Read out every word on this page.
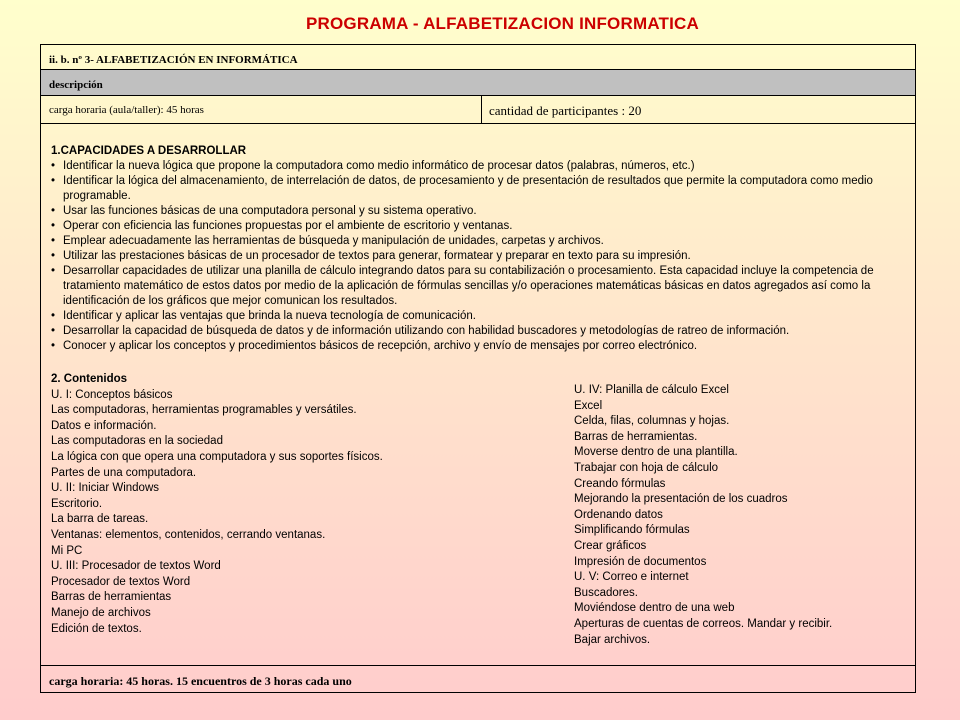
PROGRAMA - ALFABETIZACION INFORMATICA
ii. b. nº 3- ALFABETIZACIÓN EN INFORMÁTICA
descripción
carga horaria (aula/taller): 45 horas	cantidad de participantes : 20
1.CAPACIDADES A DESARROLLAR
• Identificar la nueva lógica que propone la computadora como medio informático de procesar datos (palabras, números, etc.)
• Identificar la lógica del almacenamiento, de interrelación de datos, de procesamiento y de presentación de resultados que permite la computadora como medio programable.
• Usar las funciones básicas de una computadora personal y su sistema operativo.
• Operar con eficiencia las funciones propuestas por el ambiente de escritorio y ventanas.
• Emplear adecuadamente las herramientas de búsqueda y manipulación de unidades, carpetas y archivos.
• Utilizar las prestaciones básicas de un procesador de textos para generar, formatear y preparar en texto para su impresión.
• Desarrollar capacidades de utilizar una planilla de cálculo integrando datos para su contabilización o procesamiento. Esta capacidad incluye la competencia de tratamiento matemático de estos datos por medio de la aplicación de fórmulas sencillas y/o operaciones matemáticas básicas en datos agregados así como la identificación de los gráficos que mejor comunican los resultados.
• Identificar y aplicar las ventajas que brinda la nueva tecnología de comunicación.
• Desarrollar la capacidad de búsqueda de datos y de información utilizando con habilidad buscadores y metodologías de ratreo de información.
• Conocer y aplicar los conceptos y procedimientos básicos de recepción, archivo y envío de mensajes por correo electrónico.
2. Contenidos
U. I: Conceptos básicos
Las computadoras, herramientas programables y versátiles.
Datos e información.
Las computadoras en la sociedad
La lógica con que opera una computadora y sus soportes físicos.
Partes de una computadora.
U. II: Iniciar Windows
Escritorio.
La barra de tareas.
Ventanas: elementos, contenidos, cerrando ventanas.
Mi PC
U. III: Procesador de textos Word
Procesador de textos Word
Barras de herramientas
Manejo de archivos
Edición de textos.
U. IV: Planilla de cálculo Excel
Excel
Celda, filas, columnas y hojas.
Barras de herramientas.
Moverse dentro de una plantilla.
Trabajar con hoja de cálculo
Creando fórmulas
Mejorando la presentación de los cuadros
Ordenando datos
Simplificando fórmulas
Crear gráficos
Impresión de documentos
U. V: Correo e internet
Buscadores.
Moviéndose dentro de una web
Aperturas de cuentas de correos. Mandar y recibir.
Bajar archivos.
carga horaria: 45 horas. 15 encuentros de 3 horas cada uno
